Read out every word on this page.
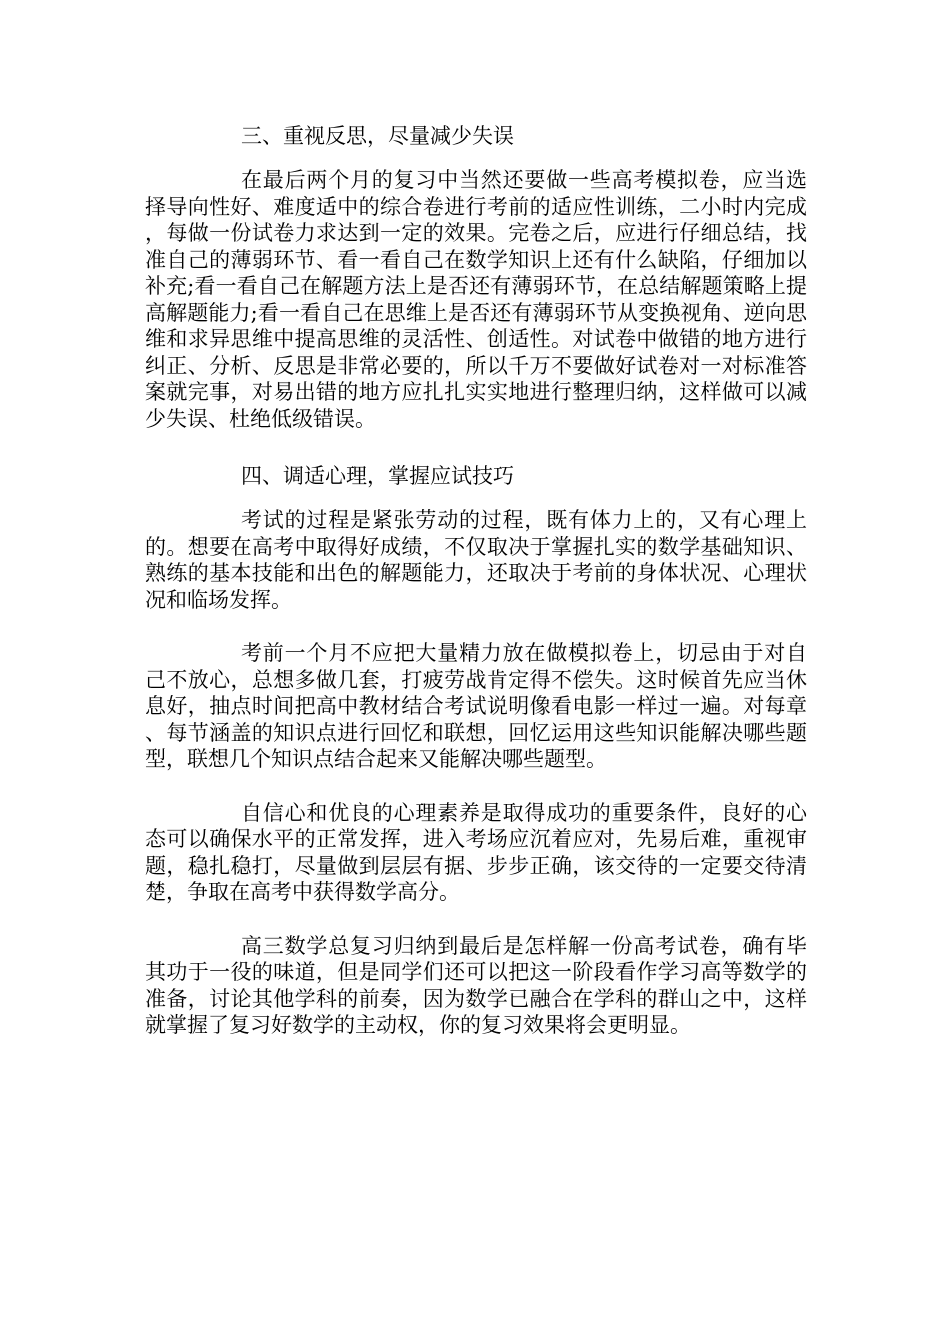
三、重视反思，尽量减少失误

在最后两个月的复习中当然还要做一些高考模拟卷，应当选择导向性好、难度适中的综合卷进行考前的适应性训练，二小时内完成，每做一份试卷力求达到一定的效果。完卷之后，应进行仔细总结，找准自己的薄弱环节、看一看自己在数学知识上还有什么缺陷，仔细加以补充;看一看自己在解题方法上是否还有薄弱环节，在总结解题策略上提高解题能力;看一看自己在思维上是否还有薄弱环节从变换视角、逆向思维和求异思维中提高思维的灵活性、创适性。对试卷中做错的地方进行纠正、分析、反思是非常必要的，所以千万不要做好试卷对一对标准答案就完事，对易出错的地方应扎扎实实地进行整理归纳，这样做可以减少失误、杜绝低级错误。

四、调适心理，掌握应试技巧

考试的过程是紧张劳动的过程，既有体力上的，又有心理上的。想要在高考中取得好成绩，不仅取决于掌握扎实的数学基础知识、熟练的基本技能和出色的解题能力，还取决于考前的身体状况、心理状况和临场发挥。

考前一个月不应把大量精力放在做模拟卷上，切忌由于对自己不放心，总想多做几套，打疲劳战肯定得不偿失。这时候首先应当休息好，抽点时间把高中教材结合考试说明像看电影一样过一遍。对每章、每节涵盖的知识点进行回忆和联想，回忆运用这些知识能解决哪些题型，联想几个知识点结合起来又能解决哪些题型。

自信心和优良的心理素养是取得成功的重要条件，良好的心态可以确保水平的正常发挥，进入考场应沉着应对，先易后难，重视审题，稳扎稳打，尽量做到层层有据、步步正确，该交待的一定要交待清楚，争取在高考中获得数学高分。

高三数学总复习归纳到最后是怎样解一份高考试卷，确有毕其功于一役的味道，但是同学们还可以把这一阶段看作学习高等数学的准备，讨论其他学科的前奏，因为数学已融合在学科的群山之中，这样就掌握了复习好数学的主动权，你的复习效果将会更明显。
